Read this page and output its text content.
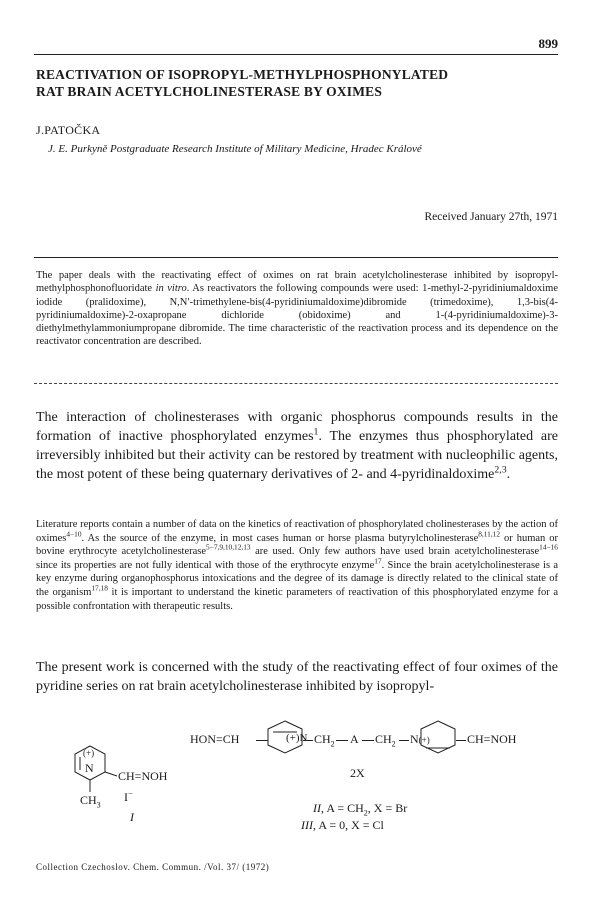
899
REACTIVATION OF ISOPROPYL-METHYLPHOSPHONYLATED
RAT BRAIN ACETYLCHOLINESTERASE BY OXIMES
J.PATOČKA
J. E. Purkyně Postgraduate Research Institute of Military Medicine, Hradec Králové
Received January 27th, 1971
The paper deals with the reactivating effect of oximes on rat brain acetylcholinesterase inhibited by isopropyl-methylphosphonofluoridate in vitro. As reactivators the following compounds were used: 1-methyl-2-pyridiniumaldoxime iodide (pralidoxime), N,N′-trimethylene-bis(4-pyridiniumaldoxime)dibromide (trimedoxime), 1,3-bis(4-pyridiniumaldoxime)-2-oxapropane dichloride (obidoxime) and 1-(4-pyridiniumaldoxime)-3-diethylmethylammoniumpropane dibromide. The time characteristic of the reactivation process and its dependence on the reactivator concentration are described.
The interaction of cholinesterases with organic phosphorus compounds results in the formation of inactive phosphorylated enzymes$^1$. The enzymes thus phosphorylated are irreversibly inhibited but their activity can be restored by treatment with nucleophilic agents, the most potent of these being quaternary derivatives of 2- and 4-pyridinaldoxime$^{2,3}$.
Literature reports contain a number of data on the kinetics of reactivation of phosphorylated cholinesterases by the action of oximes$^{4-10}$. As the source of the enzyme, in most cases human or horse plasma butyrylcholinesterase$^{8,11,12}$ or human or bovine erythrocyte acetylcholinesterase$^{5-7,9,10,12,13}$ are used. Only few authors have used brain acetylcholinesterase$^{14-16}$ since its properties are not fully identical with those of the erythrocyte enzyme$^{17}$. Since the brain acetylcholinesterase is a key enzyme during organophosphorus intoxications and the degree of its damage is directly related to the clinical state of the organism$^{17,18}$ it is important to understand the kinetic parameters of reactivation of this phosphorylated enzyme for a possible confrontation with therapeutic results.
The present work is concerned with the study of the reactivating effect of four oximes of the pyridine series on rat brain acetylcholinesterase inhibited by isopropyl-
(+)
N
CH=NOH
$CH_3$
I−
I
HON=CH	(+)N $CH_2$ A $CH_2$ N(+)	CH=NOH
2X
II, $A = CH_2$, X = Br
III, A = 0, X = Cl
Collection Czechoslov. Chem. Commun. /Vol. 37/ (1972)
